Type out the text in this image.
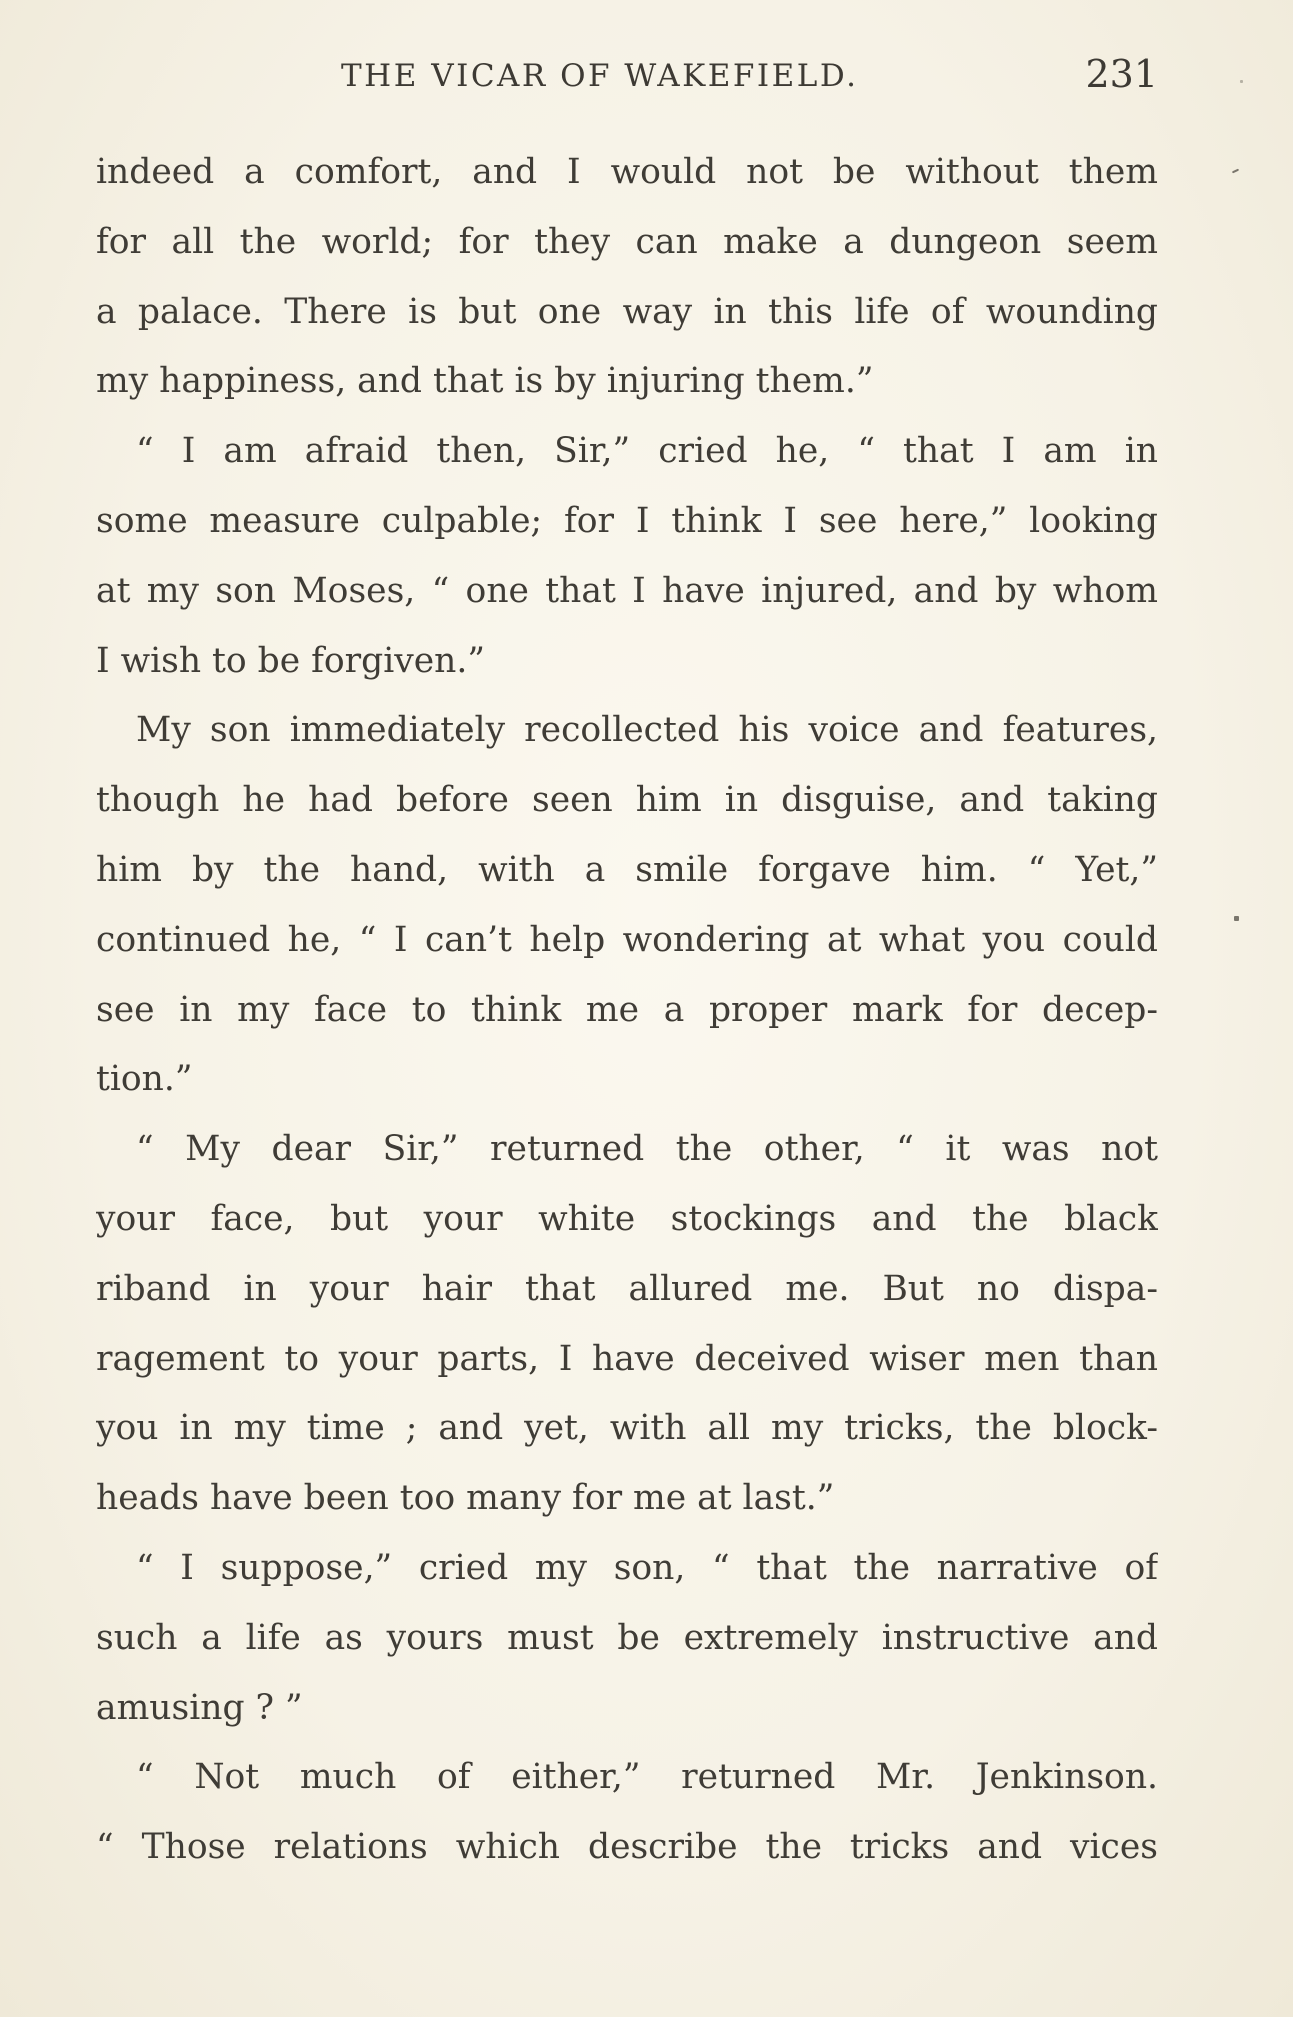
THE VICAR OF WAKEFIELD.	231
indeed a comfort, and I would not be without them
for all the world; for they can make a dungeon seem
a palace. There is but one way in this life of wounding
my happiness, and that is by injuring them.”
“ I am afraid then, Sir,” cried he, “ that I am in
some measure culpable; for I think I see here,” looking
at my son Moses, “ one that I have injured, and by whom
I wish to be forgiven.”
My son immediately recollected his voice and features,
though he had before seen him in disguise, and taking
him by the hand, with a smile forgave him. “ Yet,”
continued he, “ I can’t help wondering at what you could
see in my face to think me a proper mark for decep-
tion.”
“ My dear Sir,” returned the other, “ it was not
your face, but your white stockings and the black
riband in your hair that allured me. But no dispa-
ragement to your parts, I have deceived wiser men than
you in my time ; and yet, with all my tricks, the block-
heads have been too many for me at last.”
“ I suppose,” cried my son, “ that the narrative of
such a life as yours must be extremely instructive and
amusing ? ”
“ Not much of either,” returned Mr. Jenkinson.
“ Those relations which describe the tricks and vices
